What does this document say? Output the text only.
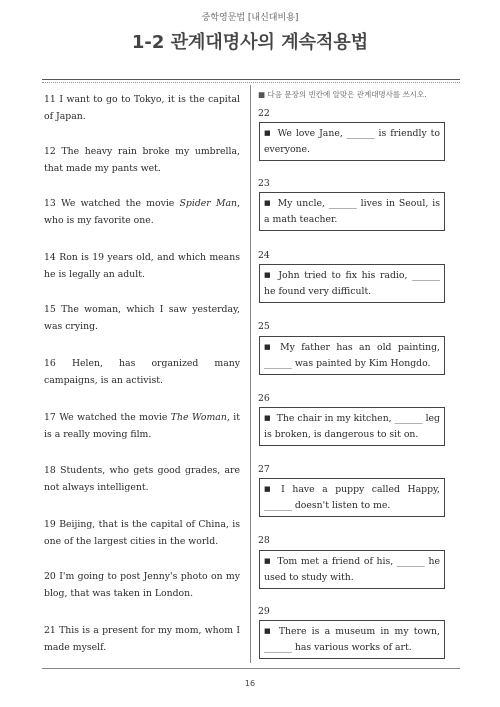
중학영문법 [내신대비용]
1-2 관계대명사의 계속적용법
11 I want to go to Tokyo, it is the capital of Japan.
12 The heavy rain broke my umbrella, that made my pants wet.
13 We watched the movie Spider Man, who is my favorite one.
14 Ron is 19 years old, and which means he is legally an adult.
15 The woman, which I saw yesterday, was crying.
16 Helen, has organized many campaigns, is an activist.
17 We watched the movie The Woman, it is a really moving film.
18 Students, who gets good grades, are not always intelligent.
19 Beijing, that is the capital of China, is one of the largest cities in the world.
20 I'm going to post Jenny's photo on my blog, that was taken in London.
21 This is a present for my mom, whom I made myself.
■ 다음 문장의 빈칸에 알맞은 관계대명사를 쓰시오.
22
■ We love Jane, ______ is friendly to everyone.
23
■ My uncle, ______ lives in Seoul, is a math teacher.
24
■ John tried to fix his radio, ______ he found very difficult.
25
■ My father has an old painting, ______ was painted by Kim Hongdo.
26
■ The chair in my kitchen, ______ leg is broken, is dangerous to sit on.
27
■ I have a puppy called Happy, ______ doesn't listen to me.
28
■ Tom met a friend of his, ______ he used to study with.
29
■ There is a museum in my town, ______ has various works of art.
16
